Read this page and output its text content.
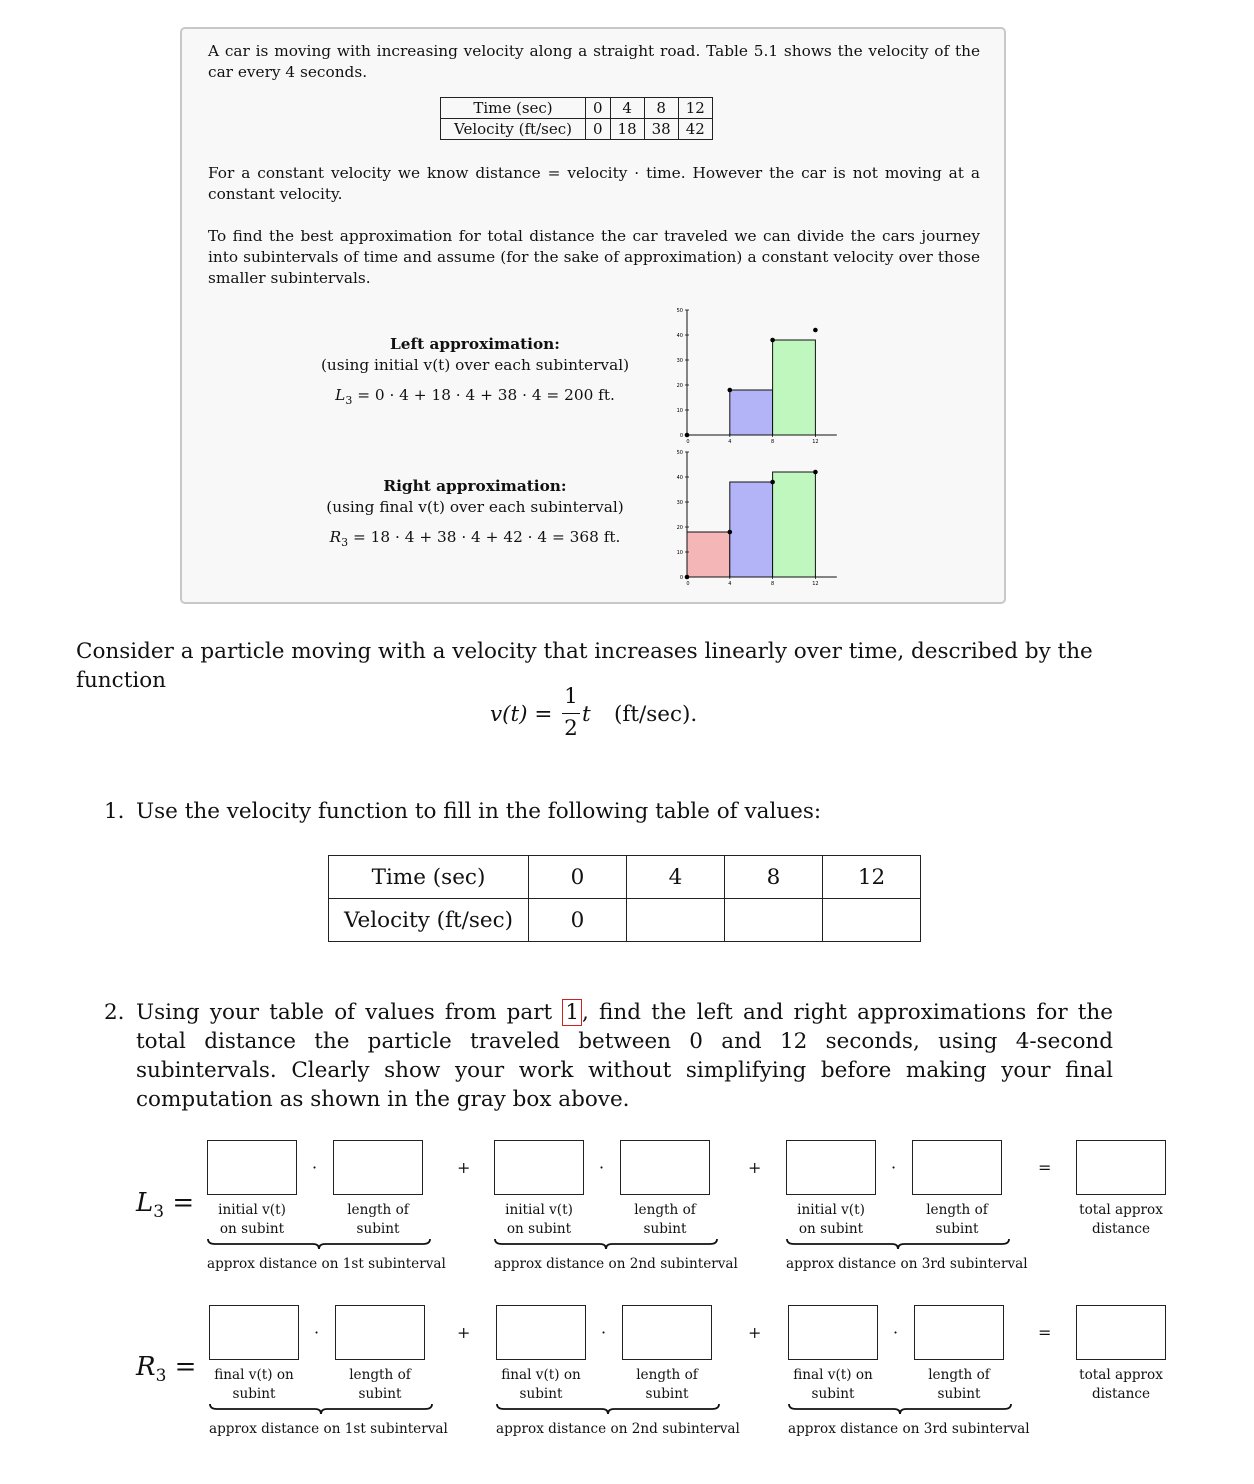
A car is moving with increasing velocity along a straight road. Table 5.1 shows the velocity of the car every 4 seconds.

Time (sec)	0	4	8	12
Velocity (ft/sec)	0	18	38	42

For a constant velocity we know distance = velocity · time. However the car is not moving at a constant velocity.

To find the best approximation for total distance the car traveled we can divide the cars journey into subintervals of time and assume (for the sake of approximation) a constant velocity over those smaller subintervals.

Left approximation:
(using initial v(t) over each subinterval)
$L_3 = 0 \cdot 4 + 18 \cdot 4 + 38 \cdot 4 = 200$ ft.
Right approximation:
(using final v(t) over each subinterval)
$R_3 = 18 \cdot 4 + 38 \cdot 4 + 42 \cdot 4 = 368$ ft.
0
10
20
30
40
50
0	4	8	12
0
10
20
30
40
50
0	4	8	12
Consider a particle moving with a velocity that increases linearly over time, described by the function
v(t) =
1
2
t (ft/sec).
1. Use the velocity function to fill in the following table of values:
Time (sec)	0	4	8	12
Velocity (ft/sec)	0			
2. Using your table of values from part 1 , find the left and right approximations for the total distance the particle traveled between 0 and 12 seconds, using 4-second subintervals. Clearly show your work without simplifying before making your final computation as shown in the gray box above.
$L_3$ =
·	+
initial v(t)
on subint
length of
subint
approx distance on 1st subinterval
·	+
initial v(t)
on subint
length of
subint
approx distance on 2nd subinterval
·	=
initial v(t)
on subint
length of
subint
approx distance on 3rd subinterval
total approx
distance
$R_3$ =
·	+
final v(t) on
subint
length of
subint
approx distance on 1st subinterval
·	+
final v(t) on
subint
length of
subint
approx distance on 2nd subinterval
·	=
final v(t) on
subint
length of
subint
approx distance on 3rd subinterval
total approx
distance
